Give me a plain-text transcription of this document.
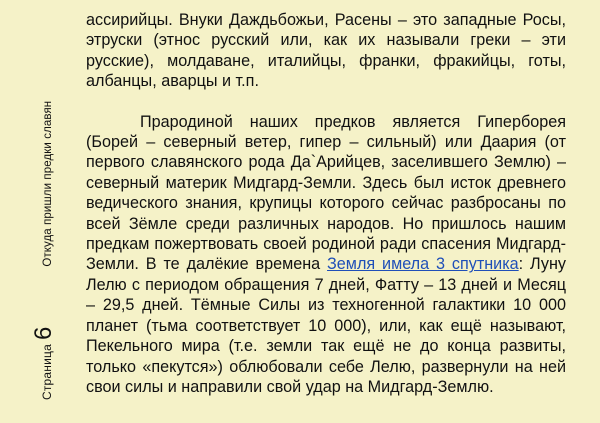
Страница
6
Откуда пришли предки славян

ассирийцы. Внуки Даждьбожьи, Расены – это западные Росы, этруски (этнос русский или, как их называли греки – эти русские), молдаване, италийцы, франки, фракийцы, готы, албанцы, аварцы и т.п.

Прародиной наших предков является Гиперборея (Борей – северный ветер, гипер – сильный) или Даария (от первого славянского рода Да`Арийцев, заселившего Землю) – северный материк Мидгард-Земли. Здесь был исток древнего ведического знания, крупицы которого сейчас разбросаны по всей Зёмле среди различных народов. Но пришлось нашим предкам пожертвовать своей родиной ради спасения Мидгард-Земли. В те далёкие времена Земля имела 3 спутника: Луну Лелю с периодом обращения 7 дней, Фатту – 13 дней и Месяц – 29,5 дней. Тёмные Силы из техногенной галактики 10 000 планет (тьма соответствует 10 000), или, как ещё называют, Пекельного мира (т.е. земли так ещё не до конца развиты, только «пекутся») облюбовали себе Лелю, развернули на ней свои силы и направили свой удар на Мидгард-Землю.
